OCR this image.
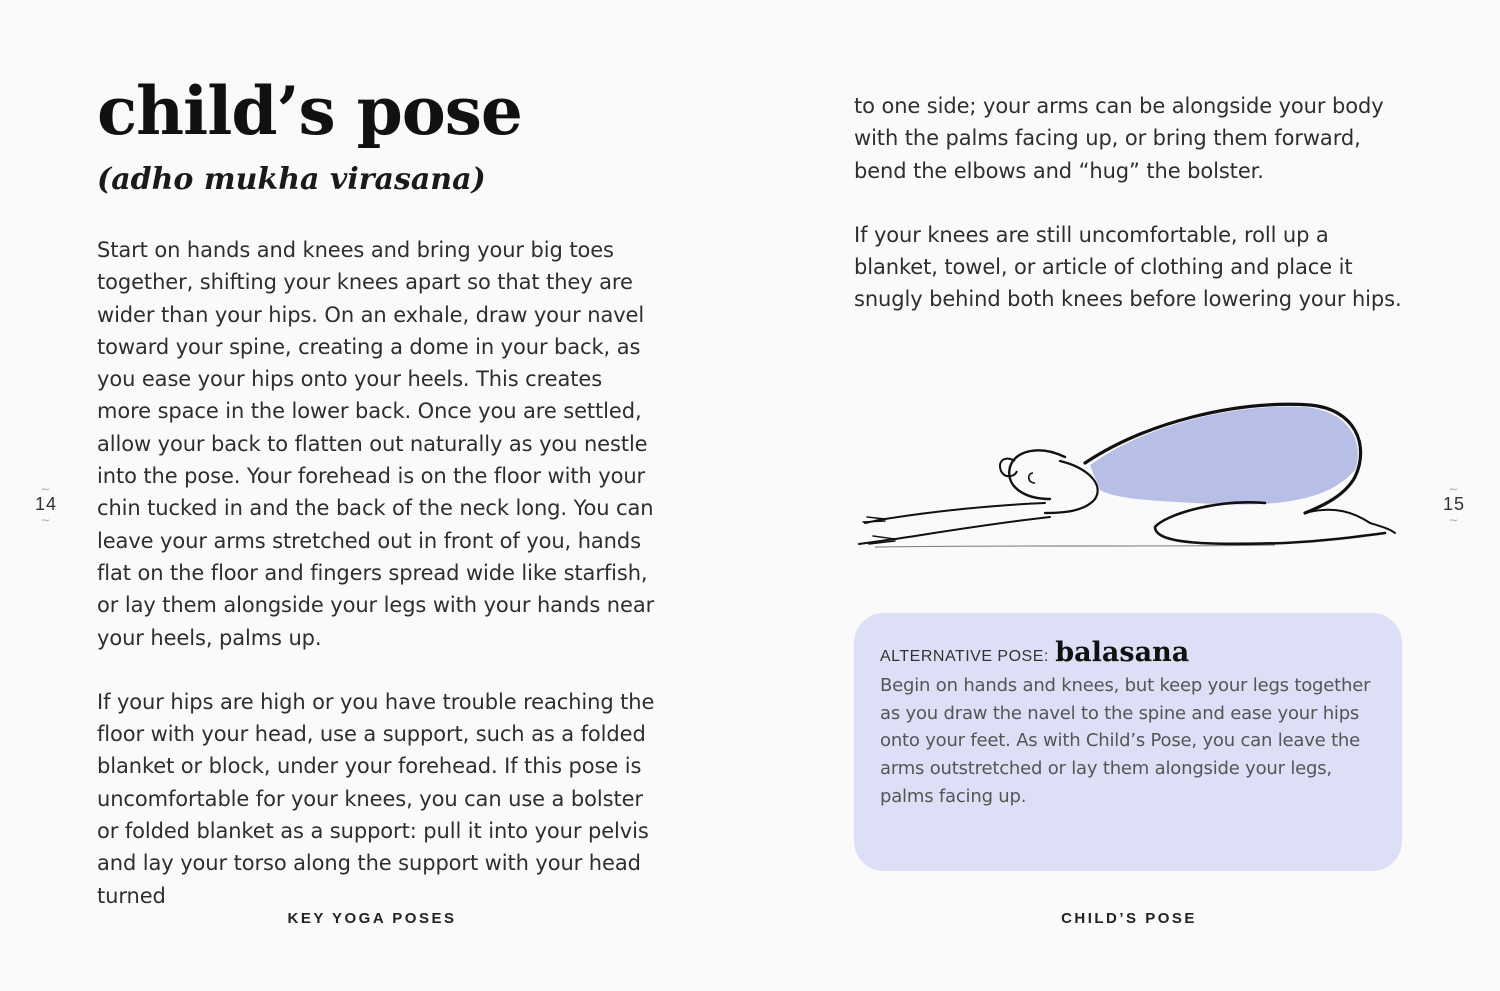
child’s pose
(adho mukha virasana)

Start on hands and knees and bring your big toes together, shifting your knees apart so that they are wider than your hips. On an exhale, draw your navel toward your spine, creating a dome in your back, as you ease your hips onto your heels. This creates more space in the lower back. Once you are settled, allow your back to flatten out naturally as you nestle into the pose. Your forehead is on the floor with your chin tucked in and the back of the neck long. You can leave your arms stretched out in front of you, hands flat on the floor and fingers spread wide like starfish, or lay them alongside your legs with your hands near your heels, palms up.

If your hips are high or you have trouble reaching the floor with your head, use a support, such as a folded blanket or block, under your forehead. If this pose is uncomfortable for your knees, you can use a bolster or folded blanket as a support: pull it into your pelvis and lay your torso along the support with your head turned

∼
14
∼
KEY YOGA POSES

to one side; your arms can be alongside your body with the palms facing up, or bring them forward, bend the elbows and “hug” the bolster.

If your knees are still uncomfortable, roll up a blanket, towel, or article of clothing and place it snugly behind both knees before lowering your hips.

ALTERNATIVE POSE: balasana

Begin on hands and knees, but keep your legs together as you draw the navel to the spine and ease your hips onto your feet. As with Child’s Pose, you can leave the arms outstretched or lay them alongside your legs, palms facing up.

∼
15
∼
CHILD’S POSE
